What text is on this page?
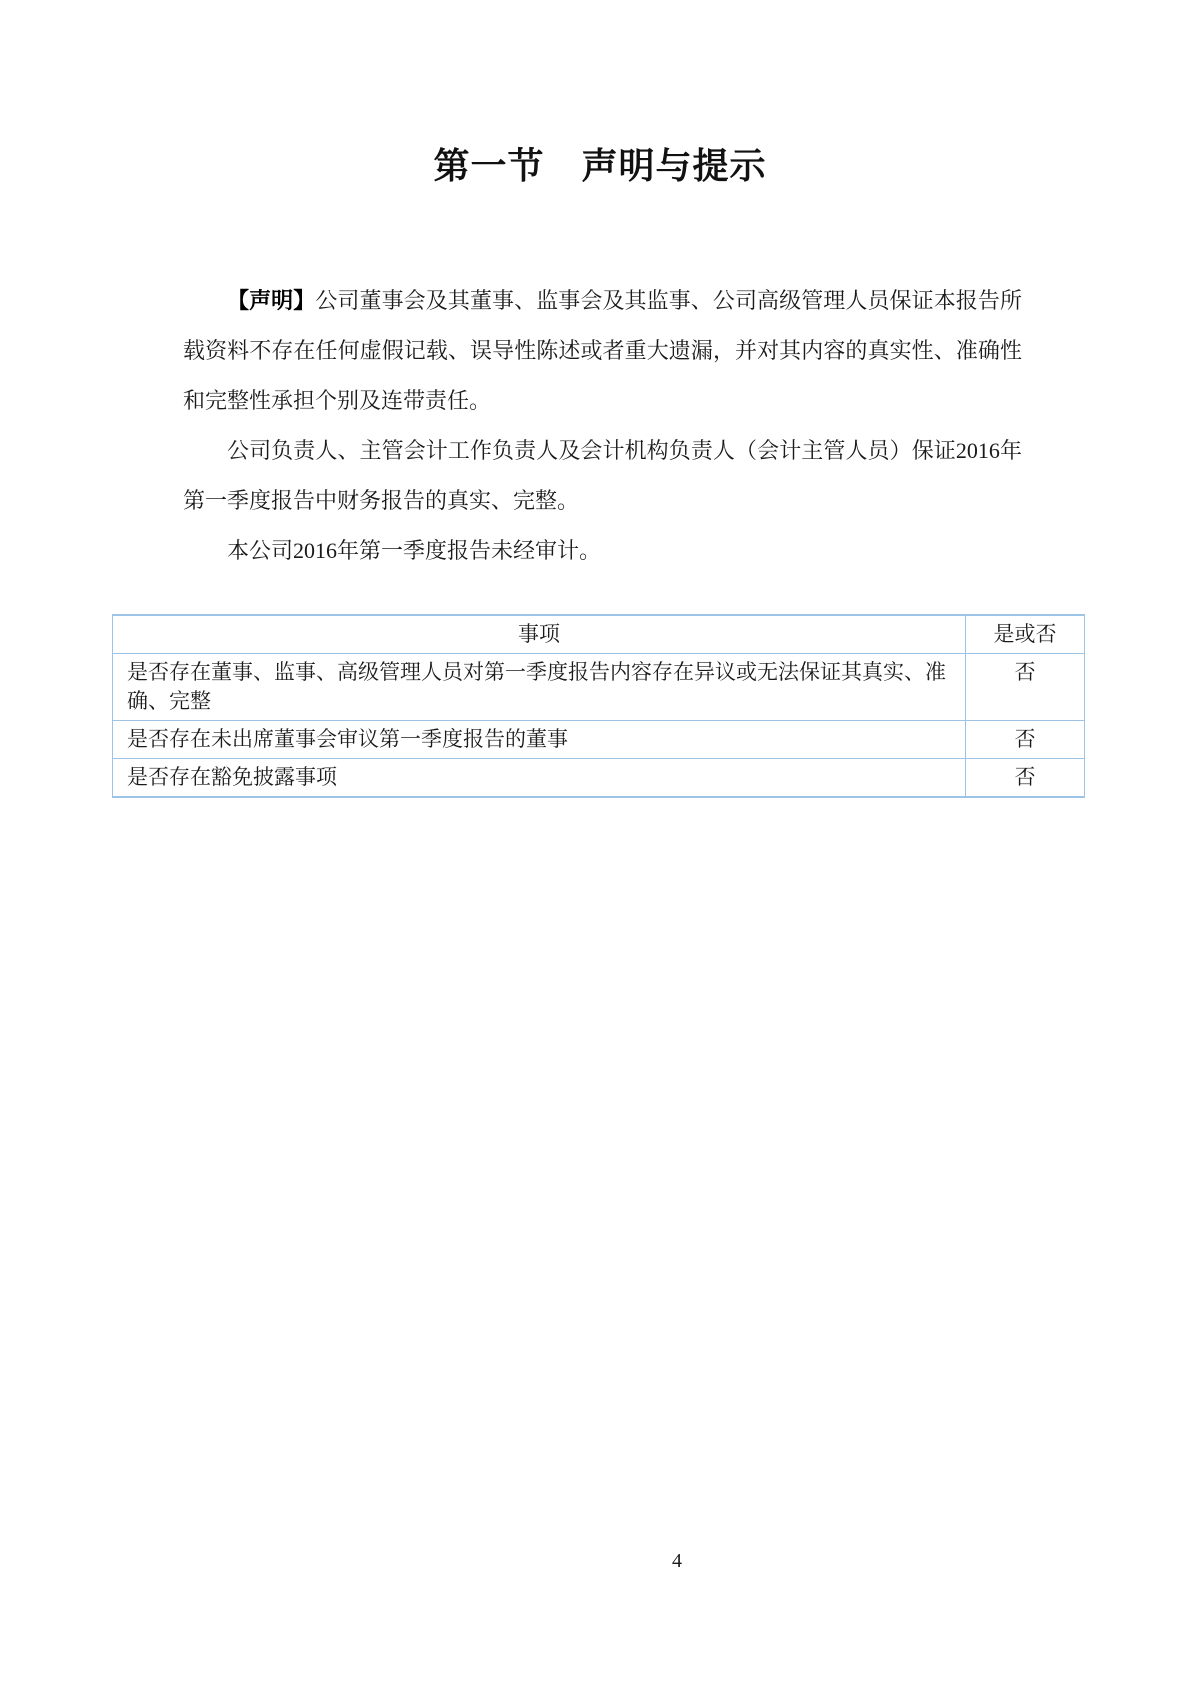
第一节　声明与提示

【声明】公司董事会及其董事、监事会及其监事、公司高级管理人员保证本报告所载资料不存在任何虚假记载、误导性陈述或者重大遗漏，并对其内容的真实性、准确性和完整性承担个别及连带责任。

公司负责人、主管会计工作负责人及会计机构负责人（会计主管人员）保证2016年第一季度报告中财务报告的真实、完整。

本公司2016年第一季度报告未经审计。

事项	是或否
是否存在董事、监事、高级管理人员对第一季度报告内容存在异议或无法保证其真实、准确、完整	否
是否存在未出席董事会审议第一季度报告的董事	否
是否存在豁免披露事项	否
4
